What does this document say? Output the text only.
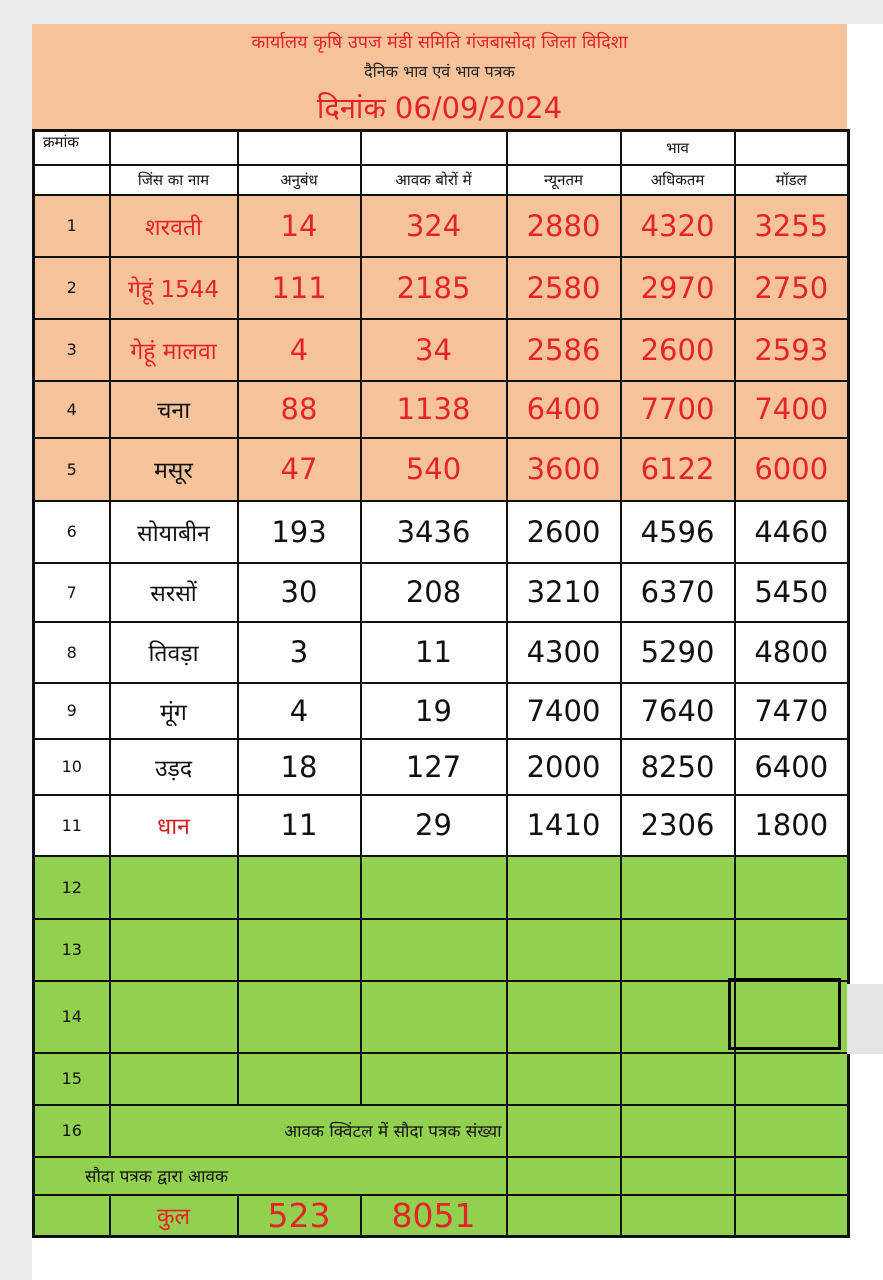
कार्यालय कृषि उपज मंडी समिति गंजबासोदा जिला विदिशा
दैनिक भाव एवं भाव पत्रक
दिनांक 06/09/2024
क्रमांक					भाव	
	जिंस का नाम	अनुबंध	आवक बोरों में	न्यूनतम	अधिकतम	मॉडल
1	शरवती	14	324	2880	4320	3255
2	गेहूं 1544	111	2185	2580	2970	2750
3	गेहूं मालवा	4	34	2586	2600	2593
4	चना	88	1138	6400	7700	7400
5	मसूर	47	540	3600	6122	6000
6	सोयाबीन	193	3436	2600	4596	4460
7	सरसों	30	208	3210	6370	5450
8	तिवड़ा	3	11	4300	5290	4800
9	मूंग	4	19	7400	7640	7470
10	उड़द	18	127	2000	8250	6400
11	धान	11	29	1410	2306	1800
12						
13						
14						
15						
16	आवक क्विंटल में सौदा पत्रक संख्या					
सौदा पत्रक द्वारा आवक						
	कुल	523	8051			
